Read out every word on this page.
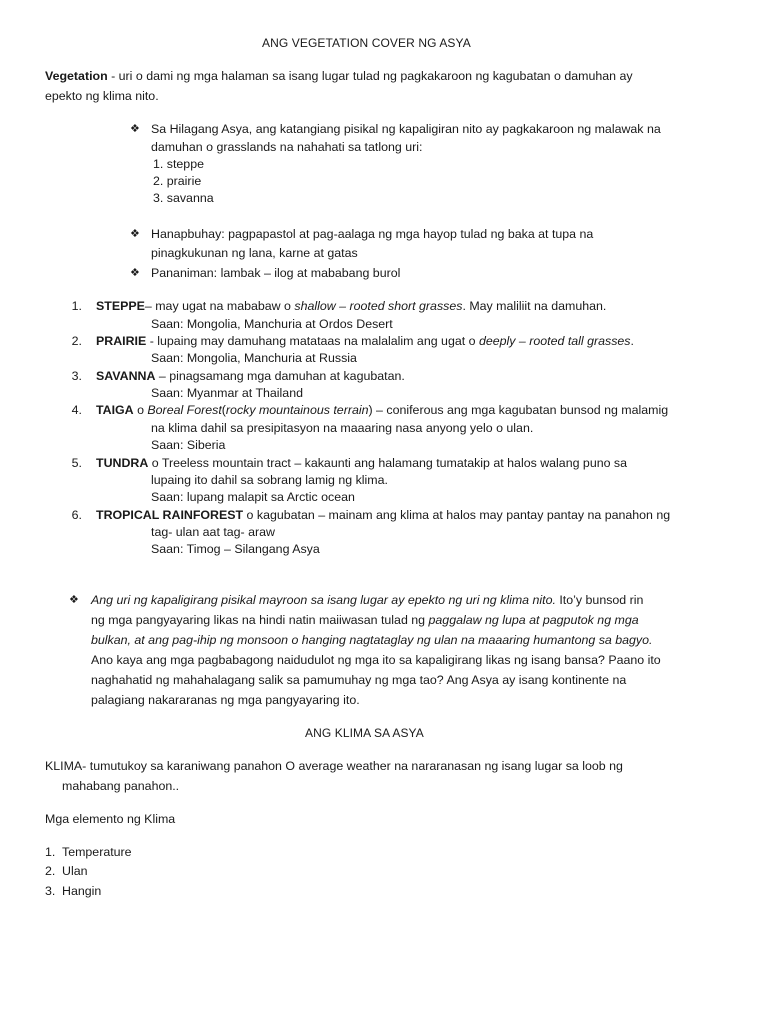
ANG VEGETATION COVER NG ASYA
Vegetation - uri o dami ng mga halaman sa isang lugar tulad ng pagkakaroon ng kagubatan o damuhan ay
epekto ng klima nito.
❖ Sa Hilagang Asya, ang katangiang pisikal ng kapaligiran nito ay pagkakaroon ng malawak na
damuhan o grasslands na nahahati sa tatlong uri:
1. steppe
2. prairie
3. savanna
❖ Hanapbuhay: pagpapastol at pag-aalaga ng mga hayop tulad ng baka at tupa na
pinagkukunan ng lana, karne at gatas
❖ Pananiman: lambak – ilog at mababang burol
1. STEPPE– may ugat na mababaw o shallow – rooted short grasses. May maliliit na damuhan.
Saan: Mongolia, Manchuria at Ordos Desert
2. PRAIRIE - lupaing may damuhang matataas na malalalim ang ugat o deeply – rooted tall grasses.
Saan: Mongolia, Manchuria at Russia
3. SAVANNA – pinagsamang mga damuhan at kagubatan.
Saan: Myanmar at Thailand
4. TAIGA o Boreal Forest(rocky mountainous terrain) – coniferous ang mga kagubatan bunsod ng malamig
na klima dahil sa presipitasyon na maaaring nasa anyong yelo o ulan.
Saan: Siberia
5. TUNDRA o Treeless mountain tract – kakaunti ang halamang tumatakip at halos walang puno sa
lupaing ito dahil sa sobrang lamig ng klima.
Saan: lupang malapit sa Arctic ocean
6. TROPICAL RAINFOREST o kagubatan – mainam ang klima at halos may pantay pantay na panahon ng
tag- ulan aat tag- araw
Saan: Timog – Silangang Asya
❖ Ang uri ng kapaligirang pisikal mayroon sa isang lugar ay epekto ng uri ng klima nito. Ito’y bunsod rin
ng mga pangyayaring likas na hindi natin maiiwasan tulad ng paggalaw ng lupa at pagputok ng mga
bulkan, at ang pag-ihip ng monsoon o hanging nagtataglay ng ulan na maaaring humantong sa bagyo.
Ano kaya ang mga pagbabagong naidudulot ng mga ito sa kapaligirang likas ng isang bansa? Paano ito
naghahatid ng mahahalagang salik sa pamumuhay ng mga tao? Ang Asya ay isang kontinente na
palagiang nakararanas ng mga pangyayaring ito.
ANG KLIMA SA ASYA
KLIMA- tumutukoy sa karaniwang panahon O average weather na nararanasan ng isang lugar sa loob ng
mahabang panahon..
Mga elemento ng Klima
1. Temperature
2. Ulan
3. Hangin
